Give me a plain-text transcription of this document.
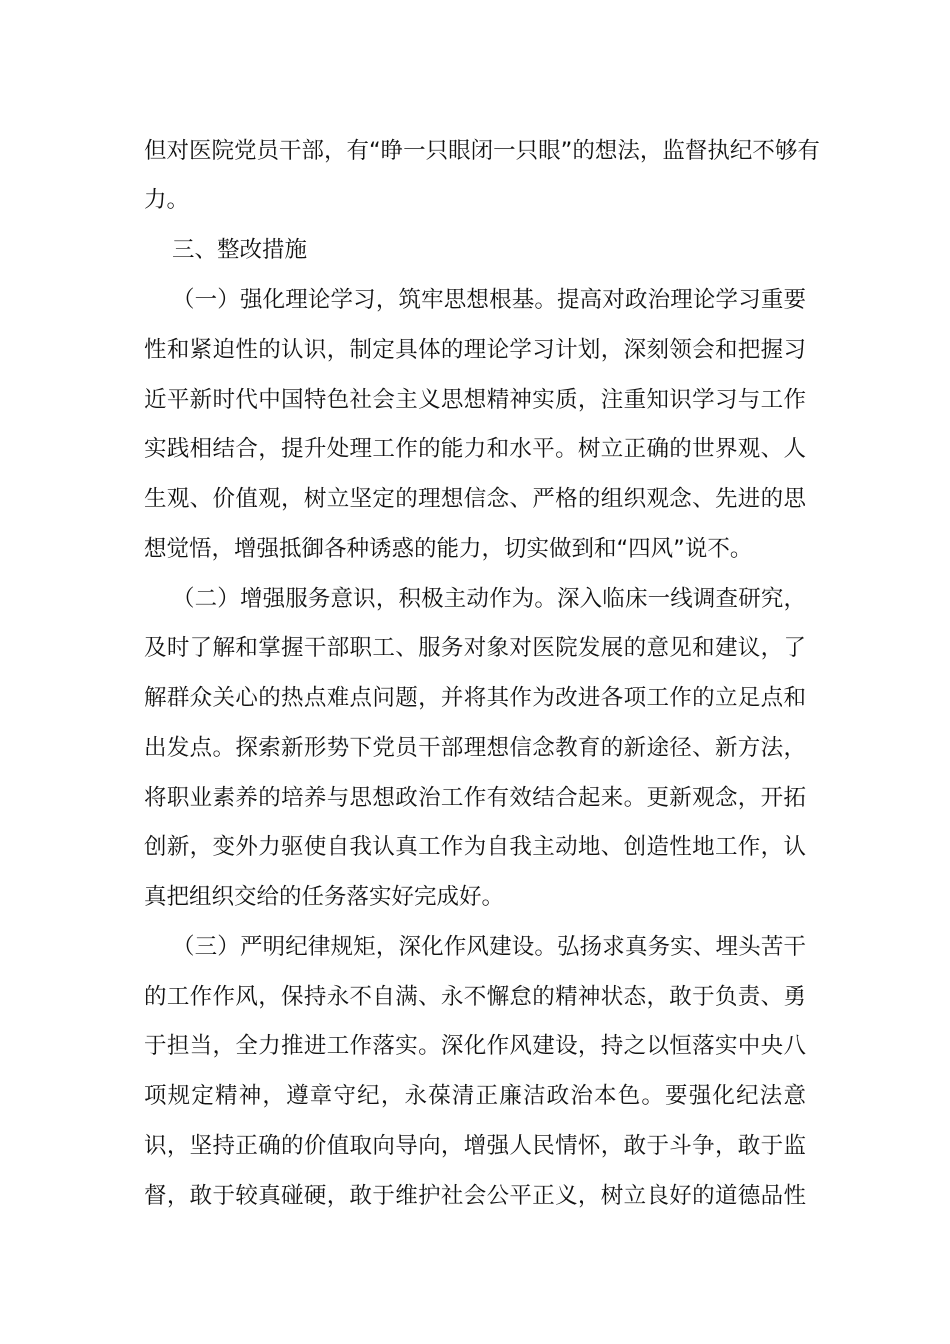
但对医院党员干部，有“睁一只眼闭一只眼”的想法，监督执纪不够有
力。
三、整改措施
（一）强化理论学习，筑牢思想根基。提高对政治理论学习重要
性和紧迫性的认识，制定具体的理论学习计划，深刻领会和把握习
近平新时代中国特色社会主义思想精神实质，注重知识学习与工作
实践相结合，提升处理工作的能力和水平。树立正确的世界观、人
生观、价值观，树立坚定的理想信念、严格的组织观念、先进的思
想觉悟，增强抵御各种诱惑的能力，切实做到和“四风”说不。
（二）增强服务意识，积极主动作为。深入临床一线调查研究，
及时了解和掌握干部职工、服务对象对医院发展的意见和建议，了
解群众关心的热点难点问题，并将其作为改进各项工作的立足点和
出发点。探索新形势下党员干部理想信念教育的新途径、新方法，
将职业素养的培养与思想政治工作有效结合起来。更新观念，开拓
创新，变外力驱使自我认真工作为自我主动地、创造性地工作，认
真把组织交给的任务落实好完成好。
（三）严明纪律规矩，深化作风建设。弘扬求真务实、埋头苦干
的工作作风，保持永不自满、永不懈怠的精神状态，敢于负责、勇
于担当，全力推进工作落实。深化作风建设，持之以恒落实中央八
项规定精神，遵章守纪，永葆清正廉洁政治本色。要强化纪法意
识，坚持正确的价值取向导向，增强人民情怀，敢于斗争，敢于监
督，敢于较真碰硬，敢于维护社会公平正义，树立良好的道德品性
